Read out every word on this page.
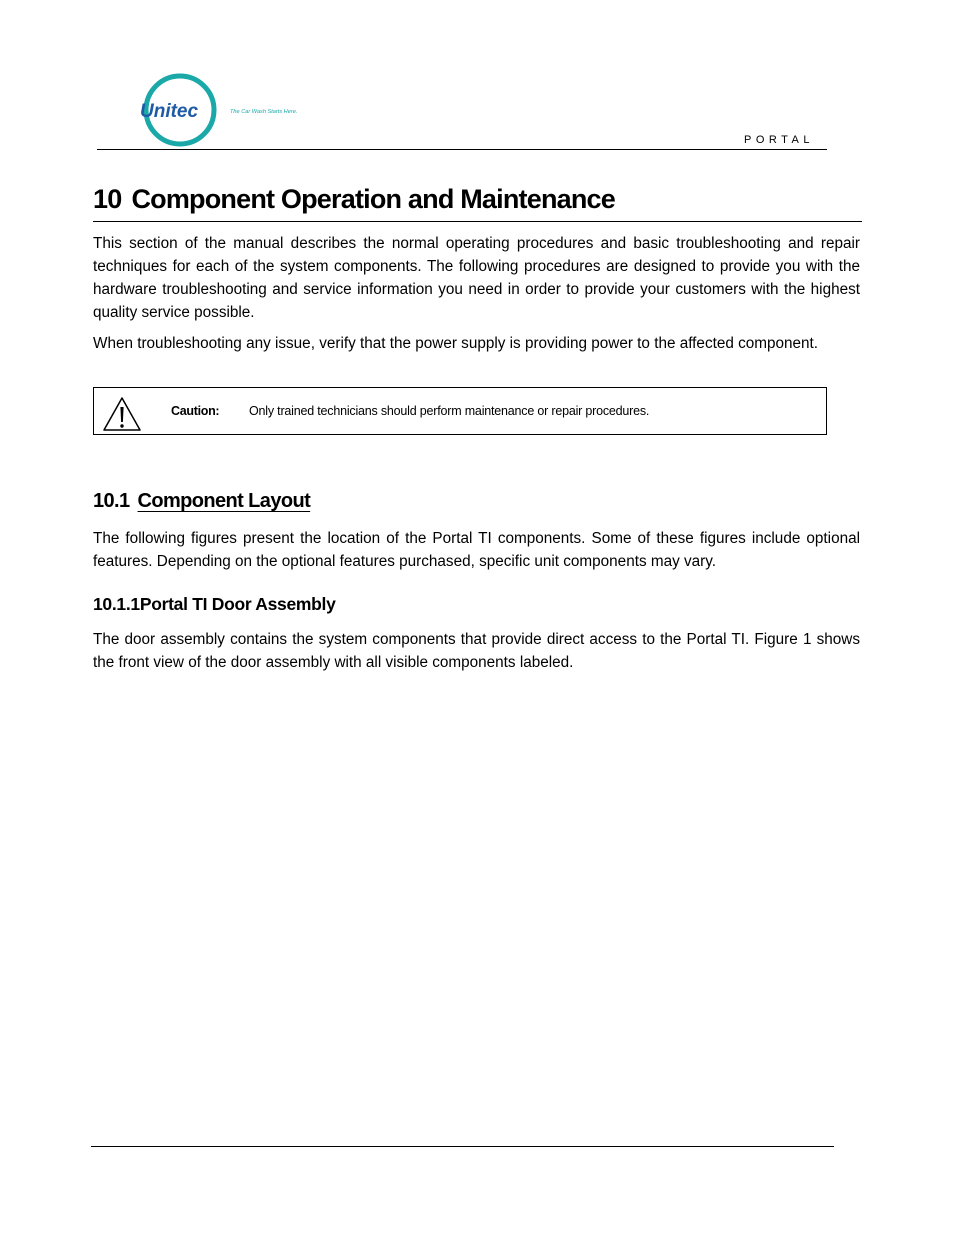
Unitec	The Car Wash Starts Here.
PORTAL
10 Component Operation and Maintenance

This section of the manual describes the normal operating procedures and basic troubleshooting and repair techniques for each of the system components. The following procedures are designed to provide you with the hardware troubleshooting and service information you need in order to provide your customers with the highest quality service possible.

When troubleshooting any issue, verify that the power supply is providing power to the affected component.

Caution: Only trained technicians should perform maintenance or repair procedures.
10.1 Component Layout

The following figures present the location of the Portal TI components. Some of these figures include optional features. Depending on the optional features purchased, specific unit components may vary.

10.1.1Portal TI Door Assembly

The door assembly contains the system components that provide direct access to the Portal TI. Figure 1 shows the front view of the door assembly with all visible components labeled.
